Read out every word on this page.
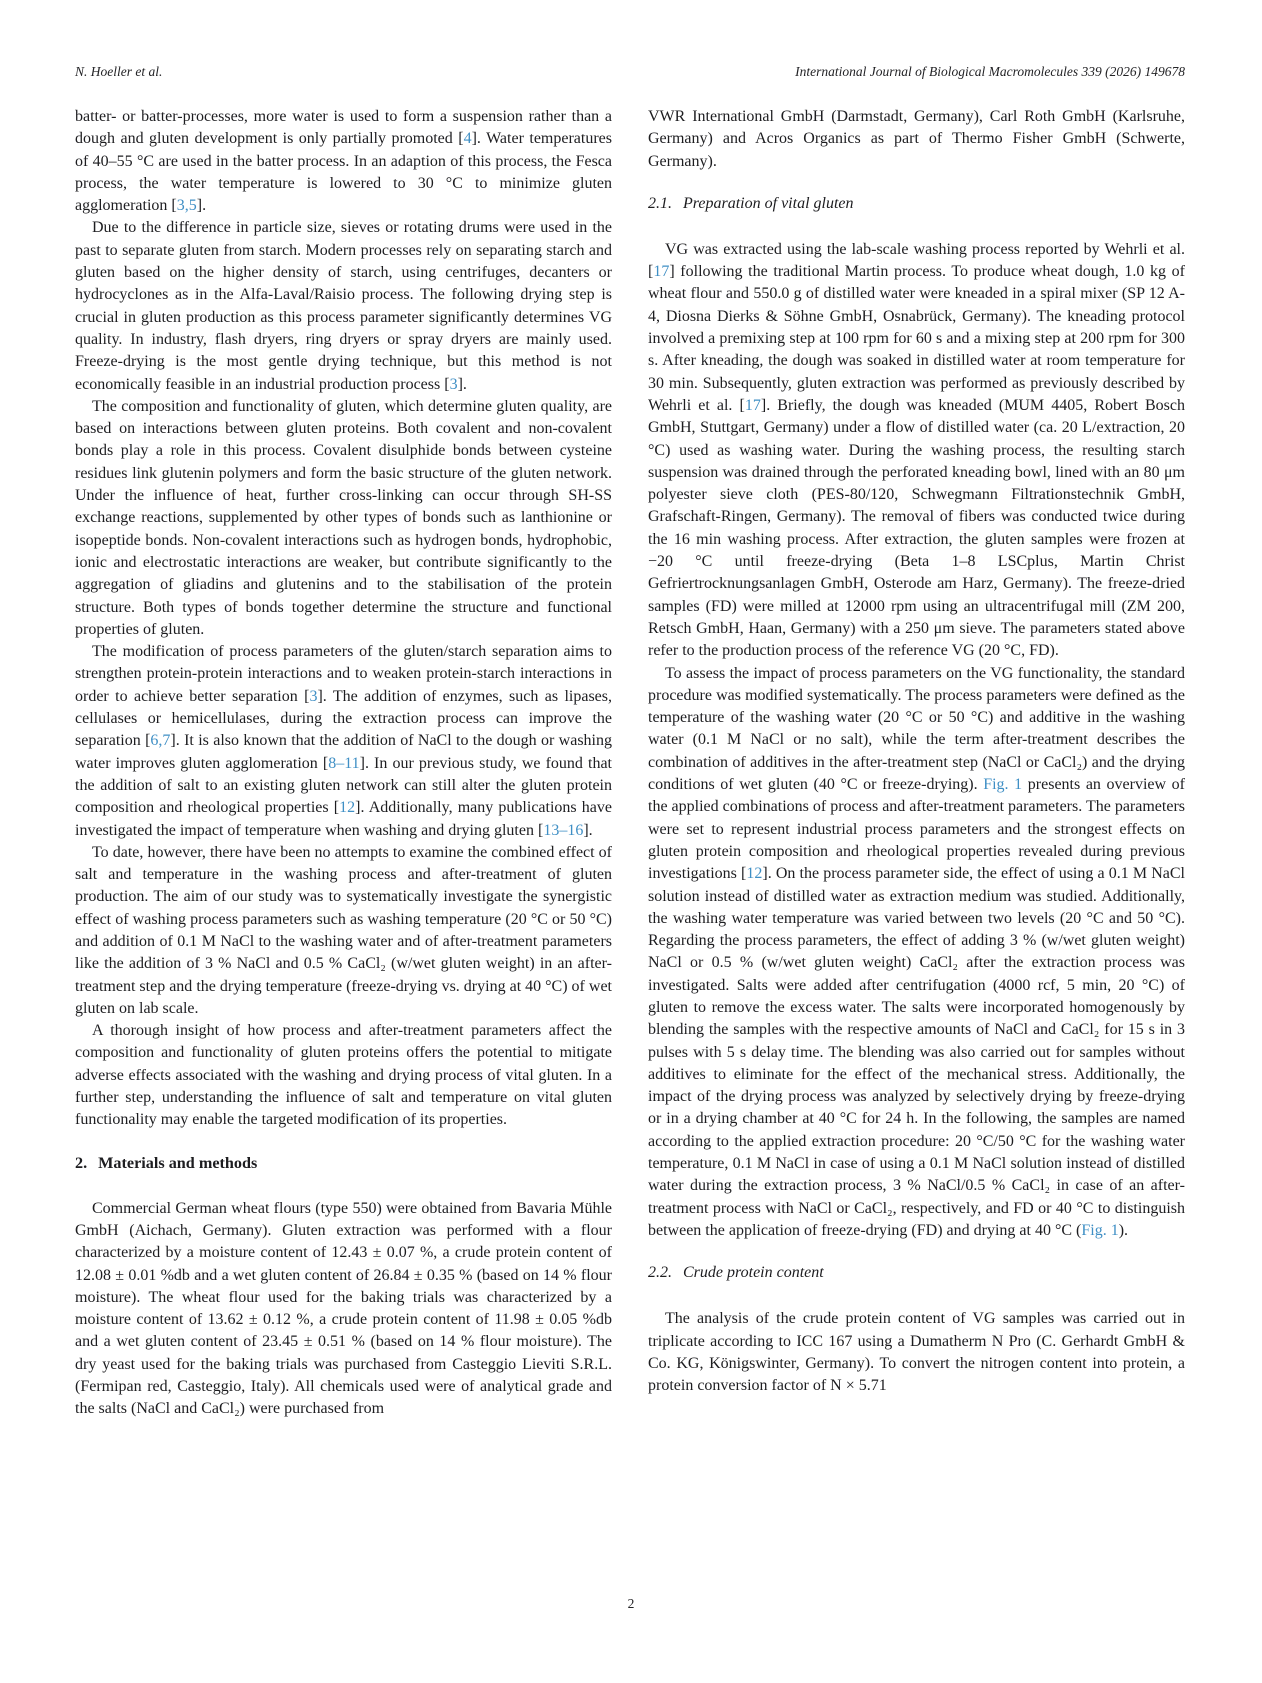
N. Hoeller et al.	International Journal of Biological Macromolecules 339 (2026) 149678

batter- or batter-processes, more water is used to form a suspension rather than a dough and gluten development is only partially promoted [4]. Water temperatures of 40–55 °C are used in the batter process. In an adaption of this process, the Fesca process, the water temperature is lowered to 30 °C to minimize gluten agglomeration [3,5].

Due to the difference in particle size, sieves or rotating drums were used in the past to separate gluten from starch. Modern processes rely on separating starch and gluten based on the higher density of starch, using centrifuges, decanters or hydrocyclones as in the Alfa-Laval/Raisio process. The following drying step is crucial in gluten production as this process parameter significantly determines VG quality. In industry, flash dryers, ring dryers or spray dryers are mainly used. Freeze-drying is the most gentle drying technique, but this method is not economically feasible in an industrial production process [3].

The composition and functionality of gluten, which determine gluten quality, are based on interactions between gluten proteins. Both covalent and non-covalent bonds play a role in this process. Covalent disulphide bonds between cysteine residues link glutenin polymers and form the basic structure of the gluten network. Under the influence of heat, further cross-linking can occur through SH-SS exchange reactions, supplemented by other types of bonds such as lanthionine or isopeptide bonds. Non-covalent interactions such as hydrogen bonds, hydrophobic, ionic and electrostatic interactions are weaker, but contribute significantly to the aggregation of gliadins and glutenins and to the stabilisation of the protein structure. Both types of bonds together determine the structure and functional properties of gluten.

The modification of process parameters of the gluten/starch separation aims to strengthen protein-protein interactions and to weaken protein-starch interactions in order to achieve better separation [3]. The addition of enzymes, such as lipases, cellulases or hemicellulases, during the extraction process can improve the separation [6,7]. It is also known that the addition of NaCl to the dough or washing water improves gluten agglomeration [8–11]. In our previous study, we found that the addition of salt to an existing gluten network can still alter the gluten protein composition and rheological properties [12]. Additionally, many publications have investigated the impact of temperature when washing and drying gluten [13–16].

To date, however, there have been no attempts to examine the combined effect of salt and temperature in the washing process and after-treatment of gluten production. The aim of our study was to systematically investigate the synergistic effect of washing process parameters such as washing temperature (20 °C or 50 °C) and addition of 0.1 M NaCl to the washing water and of after-treatment parameters like the addition of 3 % NaCl and 0.5 % CaCl₂ (w/wet gluten weight) in an after-treatment step and the drying temperature (freeze-drying vs. drying at 40 °C) of wet gluten on lab scale.

A thorough insight of how process and after-treatment parameters affect the composition and functionality of gluten proteins offers the potential to mitigate adverse effects associated with the washing and drying process of vital gluten. In a further step, understanding the influence of salt and temperature on vital gluten functionality may enable the targeted modification of its properties.

2. Materials and methods

Commercial German wheat flours (type 550) were obtained from Bavaria Mühle GmbH (Aichach, Germany). Gluten extraction was performed with a flour characterized by a moisture content of 12.43 ± 0.07 %, a crude protein content of 12.08 ± 0.01 %db and a wet gluten content of 26.84 ± 0.35 % (based on 14 % flour moisture). The wheat flour used for the baking trials was characterized by a moisture content of 13.62 ± 0.12 %, a crude protein content of 11.98 ± 0.05 %db and a wet gluten content of 23.45 ± 0.51 % (based on 14 % flour moisture). The dry yeast used for the baking trials was purchased from Casteggio Lieviti S.R.L. (Fermipan red, Casteggio, Italy). All chemicals used were of analytical grade and the salts (NaCl and CaCl₂) were purchased from

VWR International GmbH (Darmstadt, Germany), Carl Roth GmbH (Karlsruhe, Germany) and Acros Organics as part of Thermo Fisher GmbH (Schwerte, Germany).

2.1. Preparation of vital gluten

VG was extracted using the lab-scale washing process reported by Wehrli et al. [17] following the traditional Martin process. To produce wheat dough, 1.0 kg of wheat flour and 550.0 g of distilled water were kneaded in a spiral mixer (SP 12 A-4, Diosna Dierks & Söhne GmbH, Osnabrück, Germany). The kneading protocol involved a premixing step at 100 rpm for 60 s and a mixing step at 200 rpm for 300 s. After kneading, the dough was soaked in distilled water at room temperature for 30 min. Subsequently, gluten extraction was performed as previously described by Wehrli et al. [17]. Briefly, the dough was kneaded (MUM 4405, Robert Bosch GmbH, Stuttgart, Germany) under a flow of distilled water (ca. 20 L/extraction, 20 °C) used as washing water. During the washing process, the resulting starch suspension was drained through the perforated kneading bowl, lined with an 80 μm polyester sieve cloth (PES-80/120, Schwegmann Filtrationstechnik GmbH, Grafschaft-Ringen, Germany). The removal of fibers was conducted twice during the 16 min washing process. After extraction, the gluten samples were frozen at −20 °C until freeze-drying (Beta 1–8 LSCplus, Martin Christ Gefriertrocknungsanlagen GmbH, Osterode am Harz, Germany). The freeze-dried samples (FD) were milled at 12000 rpm using an ultracentrifugal mill (ZM 200, Retsch GmbH, Haan, Germany) with a 250 μm sieve. The parameters stated above refer to the production process of the reference VG (20 °C, FD).

To assess the impact of process parameters on the VG functionality, the standard procedure was modified systematically. The process parameters were defined as the temperature of the washing water (20 °C or 50 °C) and additive in the washing water (0.1 M NaCl or no salt), while the term after-treatment describes the combination of additives in the after-treatment step (NaCl or CaCl₂) and the drying conditions of wet gluten (40 °C or freeze-drying). Fig. 1 presents an overview of the applied combinations of process and after-treatment parameters. The parameters were set to represent industrial process parameters and the strongest effects on gluten protein composition and rheological properties revealed during previous investigations [12]. On the process parameter side, the effect of using a 0.1 M NaCl solution instead of distilled water as extraction medium was studied. Additionally, the washing water temperature was varied between two levels (20 °C and 50 °C). Regarding the process parameters, the effect of adding 3 % (w/wet gluten weight) NaCl or 0.5 % (w/wet gluten weight) CaCl₂ after the extraction process was investigated. Salts were added after centrifugation (4000 rcf, 5 min, 20 °C) of gluten to remove the excess water. The salts were incorporated homogenously by blending the samples with the respective amounts of NaCl and CaCl₂ for 15 s in 3 pulses with 5 s delay time. The blending was also carried out for samples without additives to eliminate for the effect of the mechanical stress. Additionally, the impact of the drying process was analyzed by selectively drying by freeze-drying or in a drying chamber at 40 °C for 24 h. In the following, the samples are named according to the applied extraction procedure: 20 °C/50 °C for the washing water temperature, 0.1 M NaCl in case of using a 0.1 M NaCl solution instead of distilled water during the extraction process, 3 % NaCl/0.5 % CaCl₂ in case of an after-treatment process with NaCl or CaCl₂, respectively, and FD or 40 °C to distinguish between the application of freeze-drying (FD) and drying at 40 °C (Fig. 1).

2.2. Crude protein content

The analysis of the crude protein content of VG samples was carried out in triplicate according to ICC 167 using a Dumatherm N Pro (C. Gerhardt GmbH & Co. KG, Königswinter, Germany). To convert the nitrogen content into protein, a protein conversion factor of N × 5.71

2
